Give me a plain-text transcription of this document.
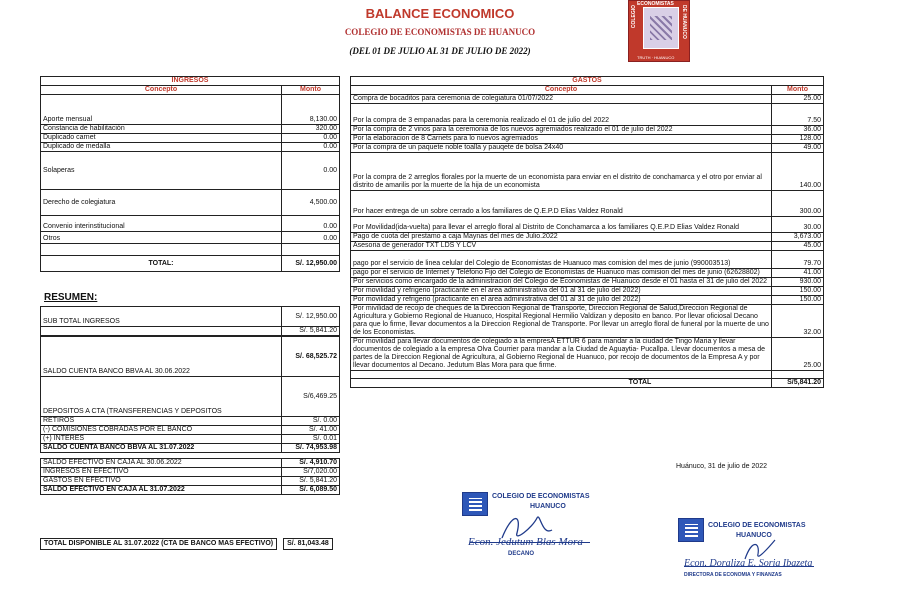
BALANCE ECONOMICO
COLEGIO DE ECONOMISTAS DE HUANUCO
(DEL 01 DE JULIO AL 31 DE JULIO DE 2022)
ECONOMISTAS
COLEGIO	DE HUANUCO
TRUTH · HUANUCO
INGRESOS	
Concepto	Monto
Aporte mensual	8,130.00
Constancia de habilitación	320.00
Duplicado carnet	0.00
Duplicado de medalla	0.00
Solaperas	0.00
Derecho de colegiatura	4,500.00
Convenio interinstitucional	0.00
Otros	0.00

TOTAL:	S/. 12,950.00
GASTOS	
Concepto	Monto
Compra de bocaditos para ceremonia de colegiatura 01/07/2022	25.00
Por la compra de 3 empanadas para la ceremonia realizado el 01 de julio del 2022	7.50
Por la compra de 2 vinos para la ceremonia de los nuevos agremiados realizado el 01 de julio del 2022	36.00
Por la elaboracion de 8 Carnets para lo nuevos agremiados	128.00
Por la compra de un paquete noble toalla y pauqete de bolsa 24x40	49.00
Por la compra de 2 arreglos florales por la muerte de un economista para enviar en el distrito de conchamarca y el otro por enviar al distrito de amarilis por la muerte de la hija de un economista	140.00
Por hacer entrega de un sobre cerrado a los familiares de Q.E.P.D Elias Valdez Ronald	300.00
Por Movilidad(ida-vuelta) para llevar el arreglo floral al Distrito de Conchamarca a los familiares Q.E.P.D Elias Valdez Ronald	30.00
Pago de cuota del prestamo a caja Maynas del mes de Julio.2022	3,673.00
Asesoria de generador TXT LDS Y LCV	45.00
pago por el servicio de linea celular del Colegio de Economistas de Huanuco mas comision del mes de junio (990003513)	79.70
pago por el servicio de Internet y Teléfono Fijo del Colegio de Economistas de Huanuco mas comision del mes de junio (62628802)	41.00
Por servicios como encargado de la administracion del Colegio de Economistas de Huanuco desde el 01 hasta el 31 de julio del 2022	930.00
Por movilidad y refrigerio (practicante en el area administrativa del 01 al 31 de julio del 2022)	150.00
Por movilidad y refrigerio (practicante en el area administrativa del 01 al 31 de julio del 2022)	150.00
Por mivilidad de recojo de cheques de la Direccion Regional de Transporte, Direccion Regional de Salud,Direccion Regional de Agricultura y Gobierno Regional de Huanuco, Hospital Regional Hermilio Valdizan y deposito en banco. Por llevar oficiosal Decano para que lo firme, llevar documentos a la Direccion Regional de Transporte. Por llevar un arreglo floral de funeral por la muerte de uno de los Economistas.	32.00
Por movilidad para llevar documentos de colegiado a la empresA ETTUR 6 para mandar a la ciudad de Tingo Maria y llevar documentos de colegiado a la empresa Olva Courrier para mandar a la Ciudad de Aguaytia- Pucallpa. Llevar documentos a mesa de partes de la Direccion Regional de Agricultura, al Gobierno Regional de Huanuco, por recojo de documentos de la Empresa A y por llevar documentos al Decano. Jedutum Blas Mora para que firme.	25.00

TOTAL	S/5,841.20
RESUMEN:
SUB TOTAL INGRESOS	S/. 12,950.00
	S/. 5,841.20

SALDO CUENTA BANCO BBVA AL 30.06.2022	S/. 68,525.72
DEPOSITOS A CTA (TRANSFERENCIAS Y DEPOSITOS	S/6,469.25
RETIROS	S/. 0.00
(-) COMISIONES COBRADAS POR EL BANCO	S/. 41.00
(+) INTERES	S/. 0.01
SALDO CUENTA BANCO BBVA AL 31.07.2022	S/. 74,953.98

SALDO EFECTIVO EN CAJA AL 30.06.2022	S/. 4,910.70
INGRESOS EN EFECTIVO	S/7,020.00
GASTOS EN EFECTIVO	S/. 5,841.20
SALDO EFECTIVO EN CAJA AL 31.07.2022	S/. 6,089.50
TOTAL DISPONIBLE AL 31.07.2022 (CTA DE BANCO MAS EFECTIVO)		S/. 81,043.48
Huánuco, 31 de julio de 2022
COLEGIO DE ECONOMISTAS
HUANUCO
Econ. Jedutum Blas Mora
DECANO
COLEGIO DE ECONOMISTAS
HUANUCO
Econ. Doraliza E. Soria Ibazeta
DIRECTORA DE ECONOMIA Y FINANZAS
